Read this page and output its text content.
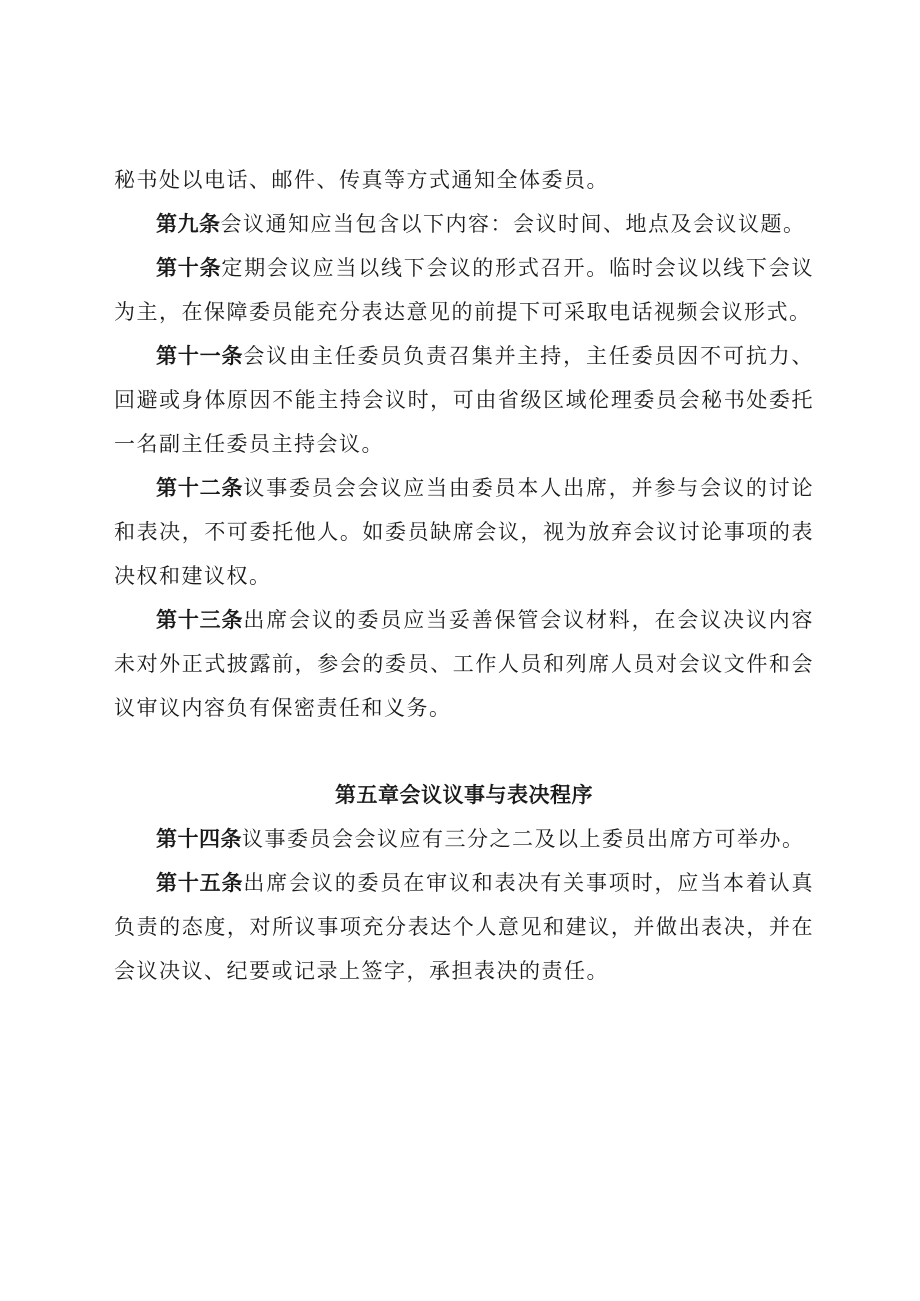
秘书处以电话、邮件、传真等方式通知全体委员。

第九条会议通知应当包含以下内容：会议时间、地点及会议议题。

第十条定期会议应当以线下会议的形式召开。临时会议以线下会议为主，在保障委员能充分表达意见的前提下可采取电话视频会议形式。

第十一条会议由主任委员负责召集并主持，主任委员因不可抗力、回避或身体原因不能主持会议时，可由省级区域伦理委员会秘书处委托一名副主任委员主持会议。

第十二条议事委员会会议应当由委员本人出席，并参与会议的讨论和表决，不可委托他人。如委员缺席会议，视为放弃会议讨论事项的表决权和建议权。

第十三条出席会议的委员应当妥善保管会议材料，在会议决议内容未对外正式披露前，参会的委员、工作人员和列席人员对会议文件和会议审议内容负有保密责任和义务。

第五章会议议事与表决程序

第十四条议事委员会会议应有三分之二及以上委员出席方可举办。

第十五条出席会议的委员在审议和表决有关事项时，应当本着认真负责的态度，对所议事项充分表达个人意见和建议，并做出表决，并在会议决议、纪要或记录上签字，承担表决的责任。
